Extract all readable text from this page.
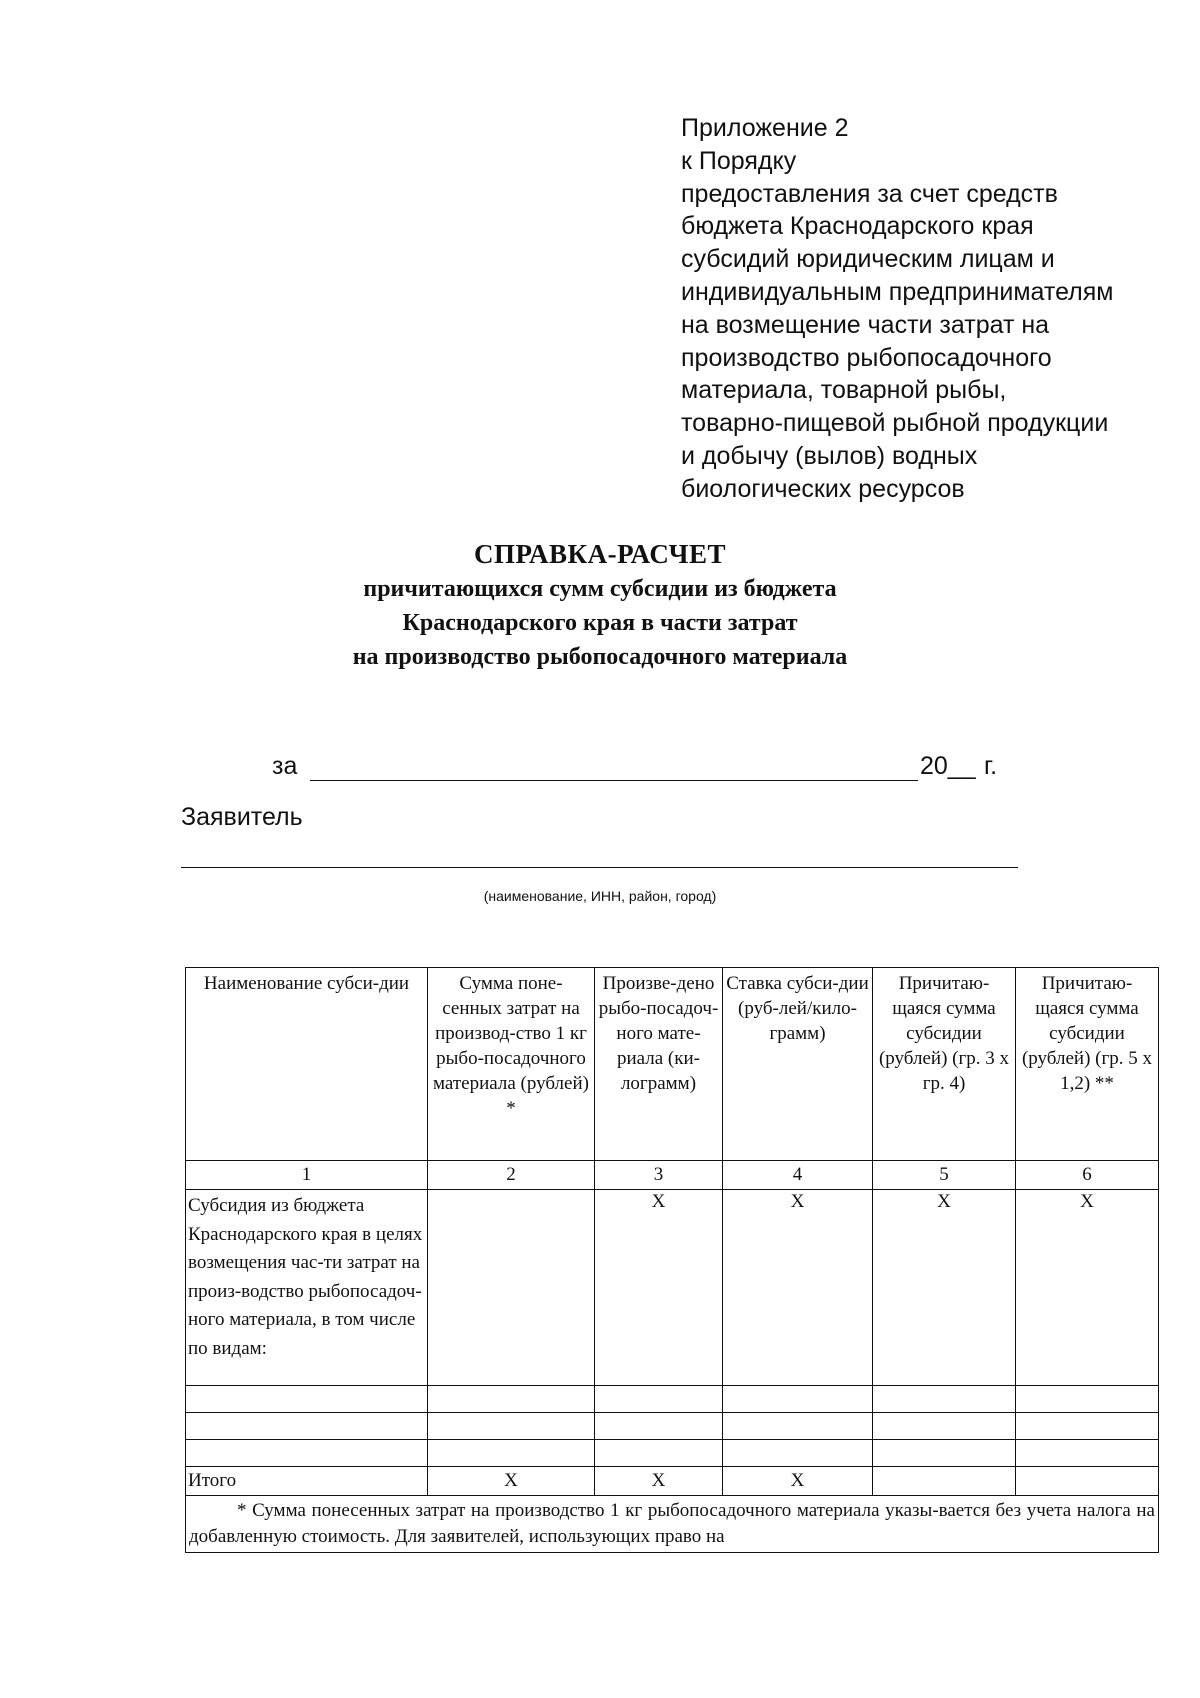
Приложение 2
к Порядку
предоставления за счет средств
бюджета Краснодарского края
субсидий юридическим лицам и
индивидуальным предпринимателям
на возмещение части затрат на
производство рыбопосадочного
материала, товарной рыбы,
товарно-пищевой рыбной продукции
и добычу (вылов) водных
биологических ресурсов
СПРАВКА-РАСЧЕТ
причитающихся сумм субсидии из бюджета
Краснодарского края в части затрат
на производство рыбопосадочного материала
за	20__ г.
Заявитель
(наименование, ИНН, район, город)
Наименование субси-дии	Сумма поне-сенных затрат на производ-ство 1 кг рыбо-посадочного материала (рублей) *	Произве-дено рыбо-посадоч-ного мате-риала (ки-лограмм)	Ставка субси-дии (руб-лей/кило-грамм)	Причитаю-щаяся сумма субсидии (рублей) (гр. 3 х гр. 4)	Причитаю-щаяся сумма субсидии (рублей) (гр. 5 х 1,2) **
1	2	3	4	5	6
Субсидия из бюджета Краснодарского края в целях возмещения час-ти затрат на произ-водство рыбопосадоч-ного материала, в том числе по видам:		X	X	X	X

Итого	X	X	X		
* Сумма понесенных затрат на производство 1 кг рыбопосадочного материала указы-вается без учета налога на добавленную стоимость. Для заявителей, использующих право на					
